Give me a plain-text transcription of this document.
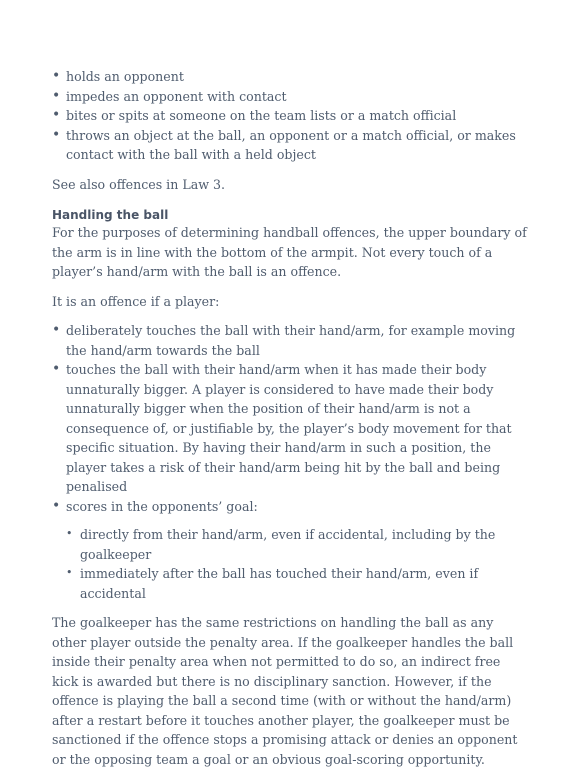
• holds an opponent
• impedes an opponent with contact
• bites or spits at someone on the team lists or a match official
• throws an object at the ball, an opponent or a match official, or makes contact with the ball with a held object

See also offences in Law 3.

Handling the ball

For the purposes of determining handball offences, the upper boundary of the arm is in line with the bottom of the armpit. Not every touch of a player’s hand/arm with the ball is an offence.

It is an offence if a player:

• deliberately touches the ball with their hand/arm, for example moving the hand/arm towards the ball
• touches the ball with their hand/arm when it has made their body unnaturally bigger. A player is considered to have made their body unnaturally bigger when the position of their hand/arm is not a consequence of, or justifiable by, the player’s body movement for that specific situation. By having their hand/arm in such a position, the player takes a risk of their hand/arm being hit by the ball and being penalised
• scores in the opponents’ goal:
• directly from their hand/arm, even if accidental, including by the goalkeeper
• immediately after the ball has touched their hand/arm, even if accidental

The goalkeeper has the same restrictions on handling the ball as any other player outside the penalty area. If the goalkeeper handles the ball inside their penalty area when not permitted to do so, an indirect free kick is awarded but there is no disciplinary sanction. However, if the offence is playing the ball a second time (with or without the hand/arm) after a restart before it touches another player, the goalkeeper must be sanctioned if the offence stops a promising attack or denies an opponent or the opposing team a goal or an obvious goal-scoring opportunity.
